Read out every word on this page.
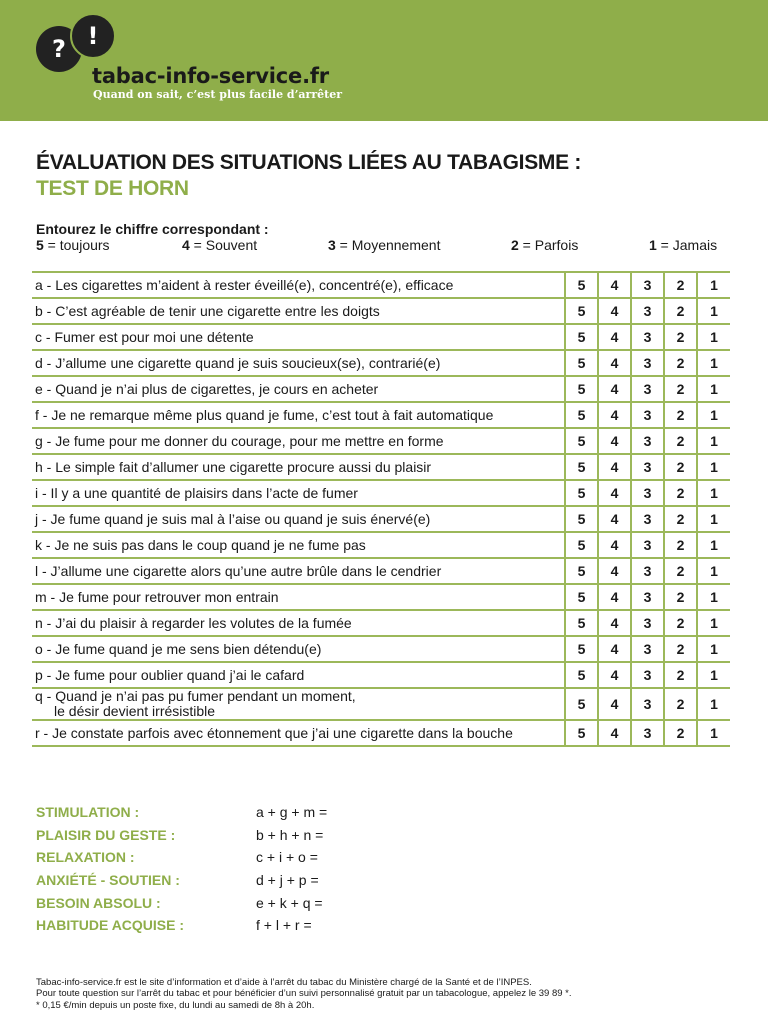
? !
tabac-info-service.fr
Quand on sait, c’est plus facile d’arrêter
ÉVALUATION DES SITUATIONS LIÉES AU TABAGISME :
TEST DE HORN
Entourez le chiffre correspondant :
5 = toujours	4 = Souvent	3 = Moyennement	2 = Parfois	1 = Jamais
a - Les cigarettes m’aident à rester éveillé(e), concentré(e), efficace	5	4	3	2	1
b - C’est agréable de tenir une cigarette entre les doigts	5	4	3	2	1
c - Fumer est pour moi une détente	5	4	3	2	1
d - J’allume une cigarette quand je suis soucieux(se), contrarié(e)	5	4	3	2	1
e - Quand je n’ai plus de cigarettes, je cours en acheter	5	4	3	2	1
f - Je ne remarque même plus quand je fume, c’est tout à fait automatique	5	4	3	2	1
g - Je fume pour me donner du courage, pour me mettre en forme	5	4	3	2	1
h - Le simple fait d’allumer une cigarette procure aussi du plaisir	5	4	3	2	1
i - Il y a une quantité de plaisirs dans l’acte de fumer	5	4	3	2	1
j - Je fume quand je suis mal à l’aise ou quand je suis énervé(e)	5	4	3	2	1
k - Je ne suis pas dans le coup quand je ne fume pas	5	4	3	2	1
l - J’allume une cigarette alors qu’une autre brûle dans le cendrier	5	4	3	2	1
m - Je fume pour retrouver mon entrain	5	4	3	2	1
n - J’ai du plaisir à regarder les volutes de la fumée	5	4	3	2	1
o - Je fume quand je me sens bien détendu(e)	5	4	3	2	1
p - Je fume pour oublier quand j’ai le cafard	5	4	3	2	1
q - Quand je n’ai pas pu fumer pendant un moment,
le désir devient irrésistible	5	4	3	2	1
r - Je constate parfois avec étonnement que j’ai une cigarette dans la bouche	5	4	3	2	1
STIMULATION :	a + g + m =
PLAISIR DU GESTE :	b + h + n =
RELAXATION :	c + i + o =
ANXIÉTÉ - SOUTIEN :	d + j + p =
BESOIN ABSOLU :	e + k + q =
HABITUDE ACQUISE :	f + l + r =
Tabac-info-service.fr est le site d’information et d’aide à l’arrêt du tabac du Ministère chargé de la Santé et de l’INPES.
Pour toute question sur l’arrêt du tabac et pour bénéficier d’un suivi personnalisé gratuit par un tabacologue, appelez le 39 89 *.
* 0,15 €/min depuis un poste fixe, du lundi au samedi de 8h à 20h.
